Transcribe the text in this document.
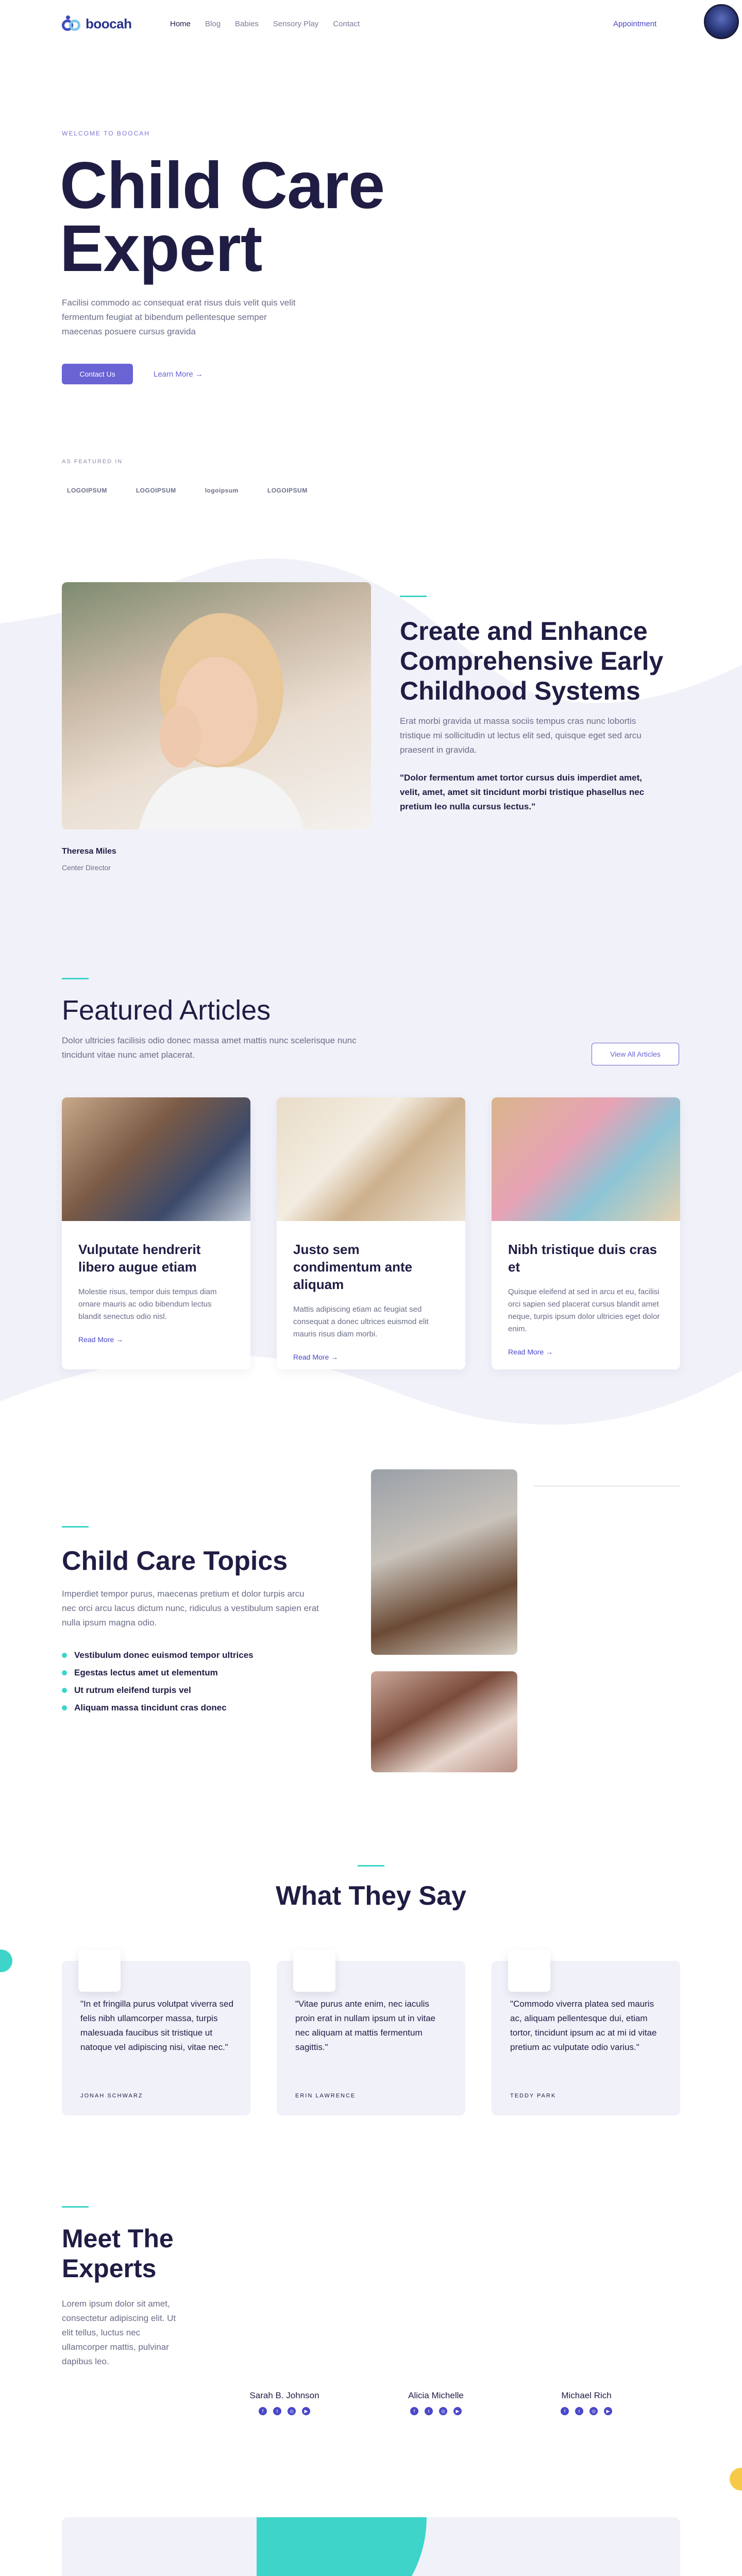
boocah	Home Blog Babies Sensory Play Contact	Appointment
WELCOME TO BOOCAH
Child Care Expert

Facilisi commodo ac consequat erat risus duis velit quis velit fermentum feugiat at bibendum pellentesque semper maecenas posuere cursus gravida

Contact Us	Learn More →
AS FEATURED IN
LOGOIPSUM	LOGOIPSUM	logoipsum	LOGOIPSUM
Theresa Miles
Center Director
Create and Enhance Comprehensive Early Childhood Systems

Erat morbi gravida ut massa sociis tempus cras nunc lobortis tristique mi sollicitudin ut lectus elit sed, quisque eget sed arcu praesent in gravida.

"Dolor fermentum amet tortor cursus duis imperdiet amet, velit, amet, amet sit tincidunt morbi tristique phasellus nec pretium leo nulla cursus lectus."

Featured Articles

Dolor ultricies facilisis odio donec massa amet mattis nunc scelerisque nunc tincidunt vitae nunc amet placerat.	View All Articles
Vulputate hendrerit libero augue etiam

Molestie risus, tempor duis tempus diam ornare mauris ac odio bibendum lectus blandit senectus odio nisl.

Read More →
Justo sem condimentum ante aliquam

Mattis adipiscing etiam ac feugiat sed consequat a donec ultrices euismod elit mauris risus diam morbi.

Read More →
Nibh tristique duis cras et

Quisque eleifend at sed in arcu et eu, facilisi orci sapien sed placerat cursus blandit amet neque, turpis ipsum dolor ultricies eget dolor enim.

Read More →
Child Care Topics

Imperdiet tempor purus, maecenas pretium et dolor turpis arcu nec orci arcu lacus dictum nunc, ridiculus a vestibulum sapien erat nulla ipsum magna odio.

Vestibulum donec euismod tempor ultrices
Egestas lectus amet ut elementum
Ut rutrum eleifend turpis vel
Aliquam massa tincidunt cras donec
What They Say

"In et fringilla purus volutpat viverra sed felis nibh ullamcorper massa, turpis malesuada faucibus sit tristique ut natoque vel adipiscing nisi, vitae nec."

JONAH SCHWARZ

"Vitae purus ante enim, nec iaculis proin erat in nullam ipsum ut in vitae nec aliquam at mattis fermentum sagittis."

ERIN LAWRENCE

"Commodo viverra platea sed mauris ac, aliquam pellentesque dui, etiam tortor, tincidunt ipsum ac at mi id vitae pretium ac vulputate odio varius."

TEDDY PARK
Meet The Experts

Lorem ipsum dolor sit amet, consectetur adipiscing elit. Ut elit tellus, luctus nec ullamcorper mattis, pulvinar dapibus leo.

Sarah B. Johnson
f	t	◎	▶
Alicia Michelle
f	t	◎	▶
Michael Rich
f	t	◎	▶
